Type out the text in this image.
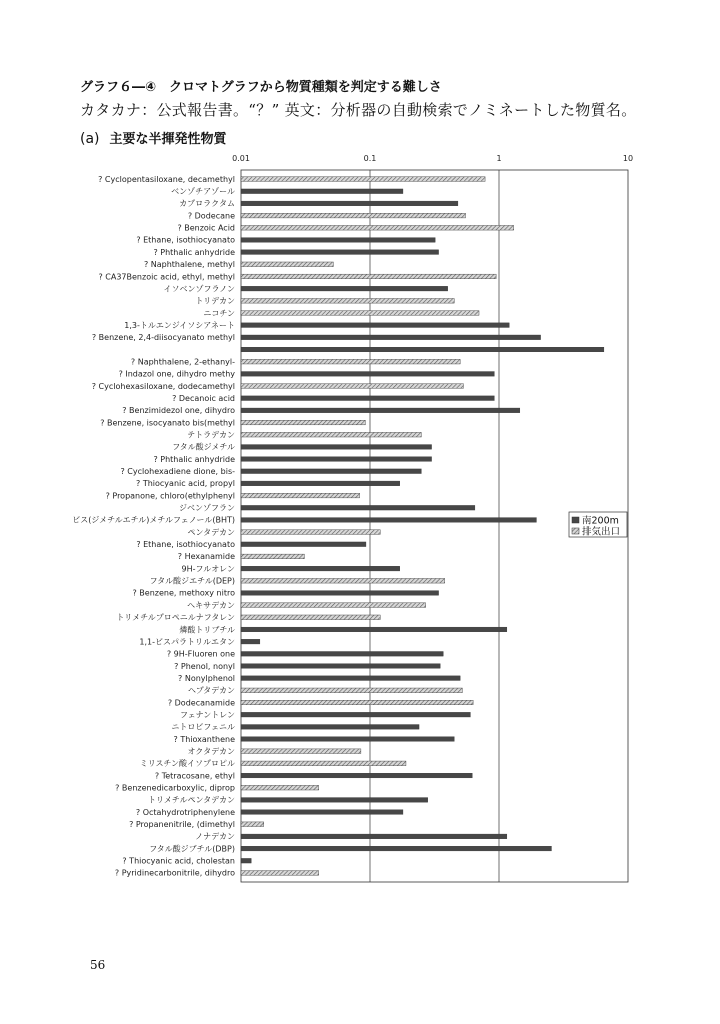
グラフ６―④　クロマトグラフから物質種類を判定する難しさ
カタカナ：公式報告書。“？” 英文：分析器の自動検索でノミネートした物質名。
(a) 主要な半揮発性物質
? Cyclopentasiloxane, decamethyl
ベンゾチアゾール
カプロラクタム
? Dodecane
? Benzoic Acid
? Ethane, isothiocyanato
? Phthalic anhydride
? Naphthalene, methyl
? CA37Benzoic acid, ethyl, methyl
イソベンゾフラノン
トリデカン
ニコチン
1,3-トルエンジイソシアネート
? Benzene, 2,4-diisocyanato methyl
? Naphthalene, 2-ethanyl-
? Indazol one, dihydro methy
? Cyclohexasiloxane, dodecamethyl
? Decanoic acid
? Benzimidezol one, dihydro
? Benzene, isocyanato bis(methyl
テトラデカン
フタル酸ジメチル
? Phthalic anhydride
? Cyclohexadiene dione, bis-
? Thiocyanic acid, propyl
? Propanone, chloro(ethylphenyl
ジベンゾフラン
ビス(ジメチルエチル)メチルフェノール(BHT)
ペンタデカン
? Ethane, isothiocyanato
? Hexanamide
9H-フルオレン
フタル酸ジエチル(DEP)
? Benzene, methoxy nitro
ヘキサデカン
トリメチルプロペニルナフタレン
燐酸トリブチル
1,1-ビスパラトリルエタン
? 9H-Fluoren one
? Phenol, nonyl
? Nonylphenol
ヘプタデカン
? Dodecanamide
フェナントレン
ニトロビフェニル
? Thioxanthene
オクタデカン
ミリスチン酸イソプロピル
? Tetracosane, ethyl
? Benzenedicarboxylic, diprop
トリメチルペンタデカン
? Octahydrotriphenylene
? Propanenitrile, (dimethyl
ノナデカン
フタル酸ジブチル(DBP)
? Thiocyanic acid, cholestan
? Pyridinecarbonitrile, dihydro
0.01	0.1	1	10
南200m
排気出口
56
